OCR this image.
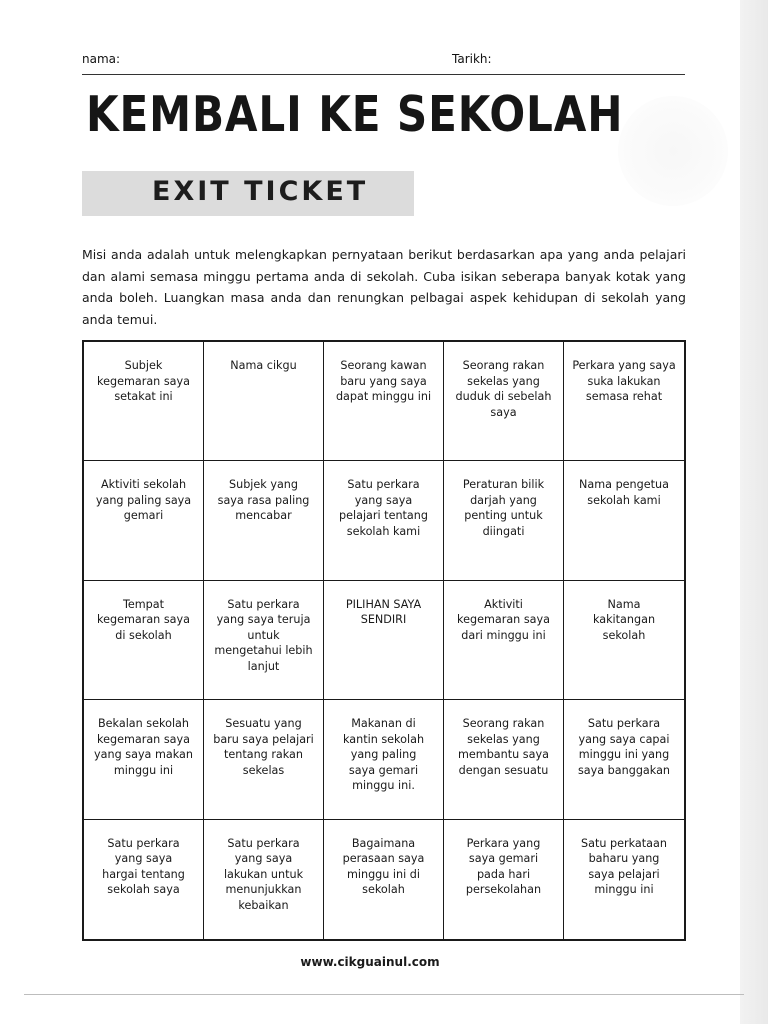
nama:	Tarikh:
KEMBALI KE SEKOLAH
EXIT TICKET
Misi anda adalah untuk melengkapkan pernyataan berikut berdasarkan apa yang anda pelajari dan alami semasa minggu pertama anda di sekolah. Cuba isikan seberapa banyak kotak yang anda boleh. Luangkan masa anda dan renungkan pelbagai aspek kehidupan di sekolah yang anda temui.
Subjek
kegemaran saya
setakat ini
Nama cikgu	Seorang kawan
baru yang saya
dapat minggu ini
Seorang rakan
sekelas yang
duduk di sebelah
saya
Perkara yang saya
suka lakukan
semasa rehat
Aktiviti sekolah
yang paling saya
gemari
Subjek yang
saya rasa paling
mencabar
Satu perkara
yang saya
pelajari tentang
sekolah kami
Peraturan bilik
darjah yang
penting untuk
diingati
Nama pengetua
sekolah kami
Tempat
kegemaran saya
di sekolah
Satu perkara
yang saya teruja
untuk
mengetahui lebih
lanjut
PILIHAN SAYA
SENDIRI
Aktiviti
kegemaran saya
dari minggu ini
Nama
kakitangan
sekolah
Bekalan sekolah
kegemaran saya
yang saya makan
minggu ini
Sesuatu yang
baru saya pelajari
tentang rakan
sekelas
Makanan di
kantin sekolah
yang paling
saya gemari
minggu ini.
Seorang rakan
sekelas yang
membantu saya
dengan sesuatu
Satu perkara
yang saya capai
minggu ini yang
saya banggakan
Satu perkara
yang saya
hargai tentang
sekolah saya
Satu perkara
yang saya
lakukan untuk
menunjukkan
kebaikan
Bagaimana
perasaan saya
minggu ini di
sekolah
Perkara yang
saya gemari
pada hari
persekolahan
Satu perkataan
baharu yang
saya pelajari
minggu ini
www.cikguainul.com
